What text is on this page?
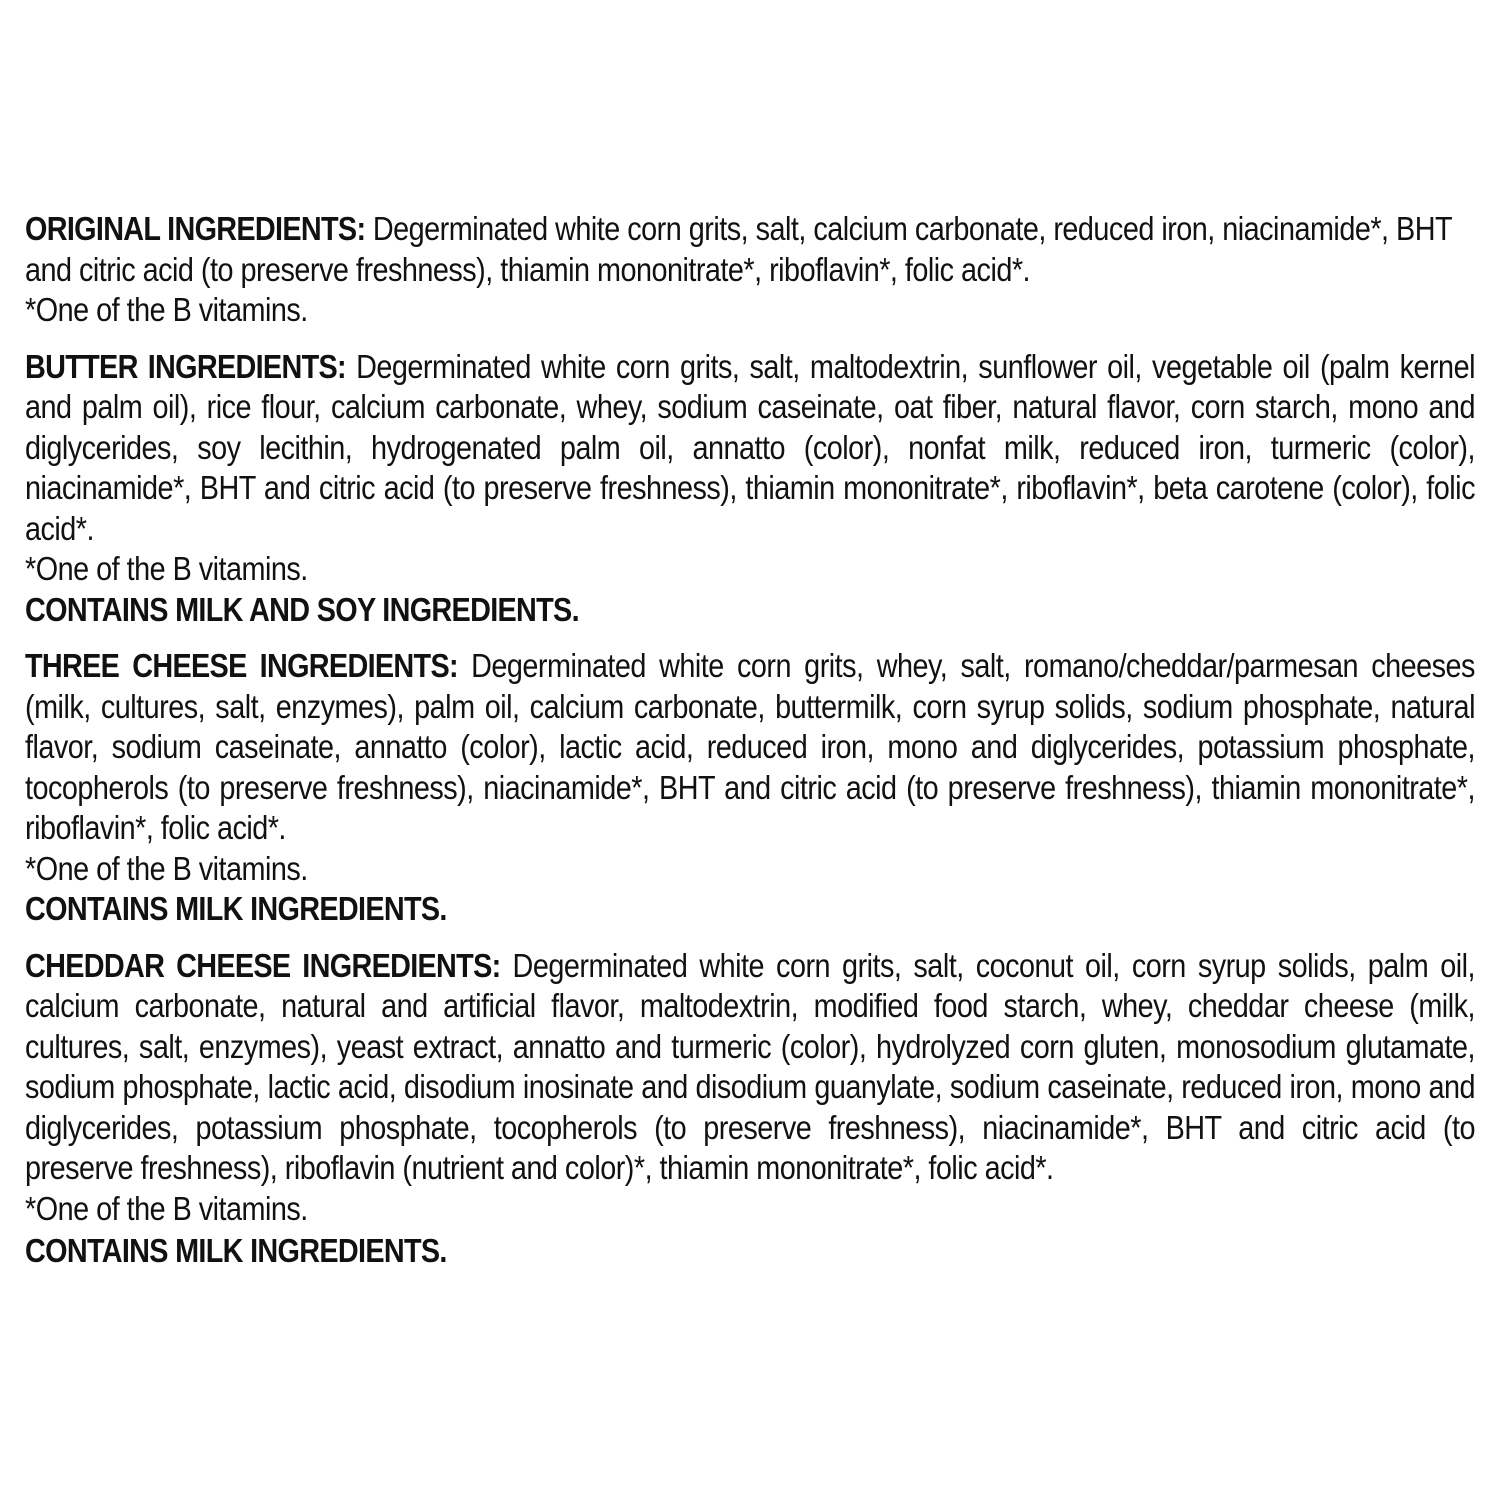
ORIGINAL INGREDIENTS: Degerminated white corn grits, salt, calcium carbonate, reduced iron, niacinamide*, BHT and citric acid (to preserve freshness), thiamin mononitrate*, riboflavin*, folic acid*.
*One of the B vitamins.
BUTTER INGREDIENTS: Degerminated white corn grits, salt, maltodextrin, sunflower oil, vegetable oil (palm kernel and palm oil), rice flour, calcium carbonate, whey, sodium caseinate, oat fiber, natural flavor, corn starch, mono and diglycerides, soy lecithin, hydrogenated palm oil, annatto (color), nonfat milk, reduced iron, turmeric (color), niacinamide*, BHT and citric acid (to preserve freshness), thiamin mononitrate*, riboflavin*, beta carotene (color), folic acid*.
*One of the B vitamins.
CONTAINS MILK AND SOY INGREDIENTS.
THREE CHEESE INGREDIENTS: Degerminated white corn grits, whey, salt, romano/cheddar/parmesan cheeses (milk, cultures, salt, enzymes), palm oil, calcium carbonate, buttermilk, corn syrup solids, sodium phosphate, natural flavor, sodium caseinate, annatto (color), lactic acid, reduced iron, mono and diglycerides, potassium phosphate, tocopherols (to preserve freshness), niacinamide*, BHT and citric acid (to preserve freshness), thiamin mononitrate*, riboflavin*, folic acid*.
*One of the B vitamins.
CONTAINS MILK INGREDIENTS.
CHEDDAR CHEESE INGREDIENTS: Degerminated white corn grits, salt, coconut oil, corn syrup solids, palm oil, calcium carbonate, natural and artificial flavor, maltodextrin, modified food starch, whey, cheddar cheese (milk, cultures, salt, enzymes), yeast extract, annatto and turmeric (color), hydrolyzed corn gluten, monosodium glutamate, sodium phosphate, lactic acid, disodium inosinate and disodium guanylate, sodium caseinate, reduced iron, mono and diglycerides, potassium phosphate, tocopherols (to preserve freshness), niacinamide*, BHT and citric acid (to preserve freshness), riboflavin (nutrient and color)*, thiamin mononitrate*, folic acid*.
*One of the B vitamins.
CONTAINS MILK INGREDIENTS.
